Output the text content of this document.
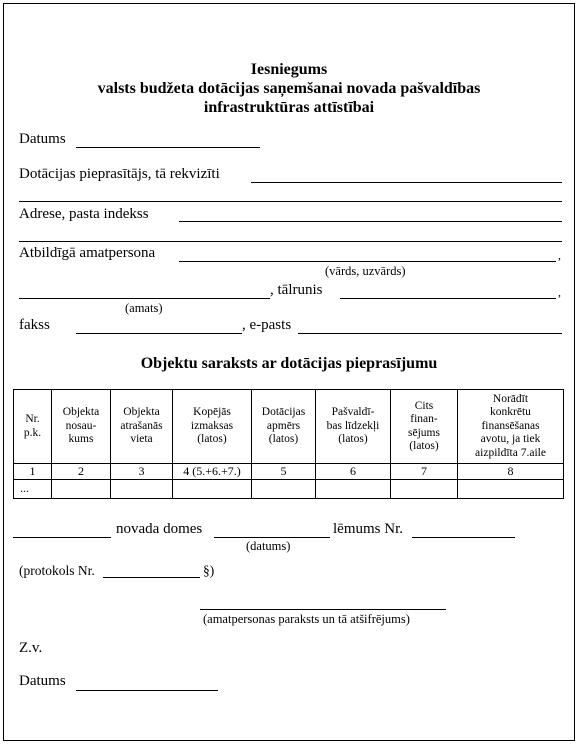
Iesniegums
valsts budžeta dotācijas saņemšanai novada pašvaldības
infrastruktūras attīstībai
Datums
Dotācijas pieprasītājs, tā rekvizīti
Adrese, pasta indekss
Atbildīgā amatpersona	,
(vārds, uzvārds)
, tālrunis	,
(amats)
fakss	, e-pasts
Objektu saraksts ar dotācijas pieprasījumu
Nr.
p.k.	Objekta
nosau-
kums	Objekta
atrašanās
vieta	Kopējās
izmaksas
(latos)	Dotācijas
apmērs
(latos)	Pašvaldī-
bas līdzekļi
(latos)	Cits
finan-
sējums
(latos)	Norādīt
konkrētu
finansēšanas
avotu, ja tiek
aizpildīta 7.aile
1	2	3	4 (5.+6.+7.)	5	6	7	8
...							
novada domes	lēmums Nr.
(datums)
(protokols Nr.	§)
(amatpersonas paraksts un tā atšifrējums)
Z.v.
Datums
